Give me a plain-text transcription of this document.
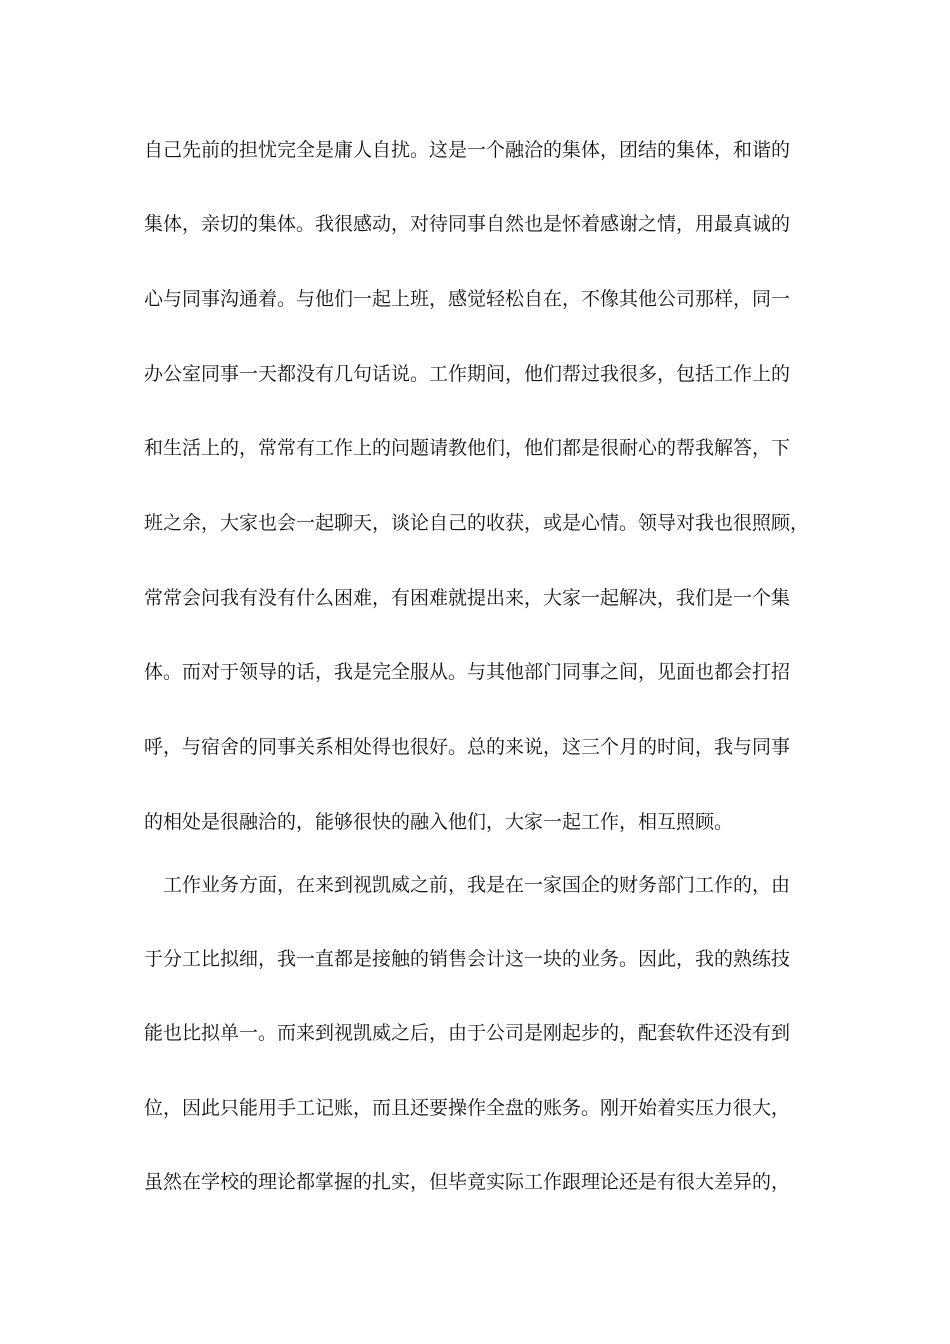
自己先前的担忧完全是庸人自扰。这是一个融洽的集体，团结的集体，和谐的
集体，亲切的集体。我很感动，对待同事自然也是怀着感谢之情，用最真诚的
心与同事沟通着。与他们一起上班，感觉轻松自在，不像其他公司那样，同一
办公室同事一天都没有几句话说。工作期间，他们帮过我很多，包括工作上的
和生活上的，常常有工作上的问题请教他们，他们都是很耐心的帮我解答，下
班之余，大家也会一起聊天，谈论自己的收获，或是心情。领导对我也很照顾，
常常会问我有没有什么困难，有困难就提出来，大家一起解决，我们是一个集
体。而对于领导的话，我是完全服从。与其他部门同事之间，见面也都会打招
呼，与宿舍的同事关系相处得也很好。总的来说，这三个月的时间，我与同事
的相处是很融洽的，能够很快的融入他们，大家一起工作，相互照顾。
工作业务方面，在来到视凯威之前，我是在一家国企的财务部门工作的，由
于分工比拟细，我一直都是接触的销售会计这一块的业务。因此，我的熟练技
能也比拟单一。而来到视凯威之后，由于公司是刚起步的，配套软件还没有到
位，因此只能用手工记账，而且还要操作全盘的账务。刚开始着实压力很大，
虽然在学校的理论都掌握的扎实，但毕竟实际工作跟理论还是有很大差异的，
